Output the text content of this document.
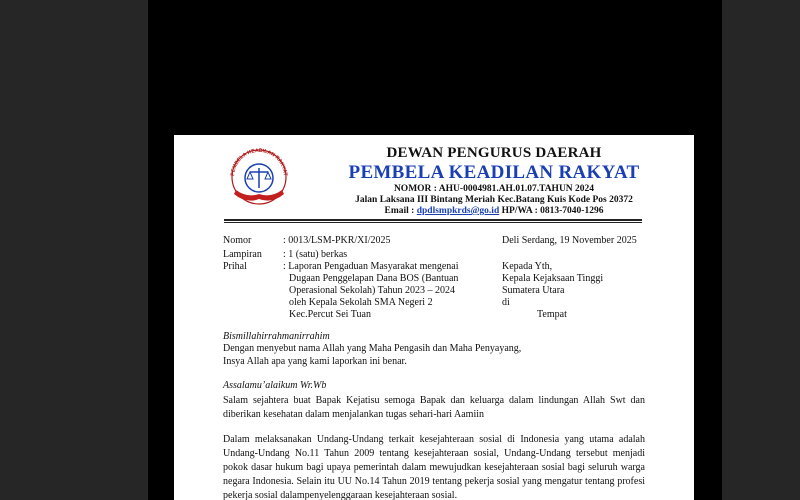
PEMBELA KEADILAN RAKYAT
DEWAN PENGURUS DAERAH
PEMBELA KEADILAN RAKYAT
NOMOR : AHU-0004981.AH.01.07.TAHUN 2024
Jalan Laksana III Bintang Meriah Kec.Batang Kuis Kode Pos 20372
Email : dpdlsmpkrds@go.id HP/WA : 0813-7040-1296
Nomor	: 0013/LSM-PKR/XI/2025	Deli Serdang, 19 November 2025
Lampiran : 1 (satu) berkas
Prihal	: Laporan Pengaduan Masyarakat mengenai
Dugaan Penggelapan Dana BOS (Bantuan
Operasional Sekolah) Tahun 2023 – 2024
oleh Kepala Sekolah SMA Negeri 2
Kec.Percut Sei Tuan
Kepada Yth,
Kepala Kejaksaan Tinggi
Sumatera Utara
di
Tempat
Bismillahirrahmanirrahim
Dengan menyebut nama Allah yang Maha Pengasih dan Maha Penyayang,
Insya Allah apa yang kami laporkan ini benar.
Assalamu’alaikum Wr.Wb
Salam sejahtera buat Bapak Kejatisu semoga Bapak dan keluarga dalam lindungan Allah Swt dan diberikan kesehatan dalam menjalankan tugas sehari-hari Aamiin
Dalam melaksanakan Undang-Undang terkait kesejahteraan sosial di Indonesia yang utama adalah Undang-Undang No.11 Tahun 2009 tentang kesejahteraan sosial, Undang-Undang tersebut menjadi pokok dasar hukum bagi upaya pemerintah dalam mewujudkan kesejahteraan sosial bagi seluruh warga negara Indonesia. Selain itu UU No.14 Tahun 2019 tentang pekerja sosial yang mengatur tentang profesi pekerja sosial dalampenyelenggaraan kesejahteraan sosial.
